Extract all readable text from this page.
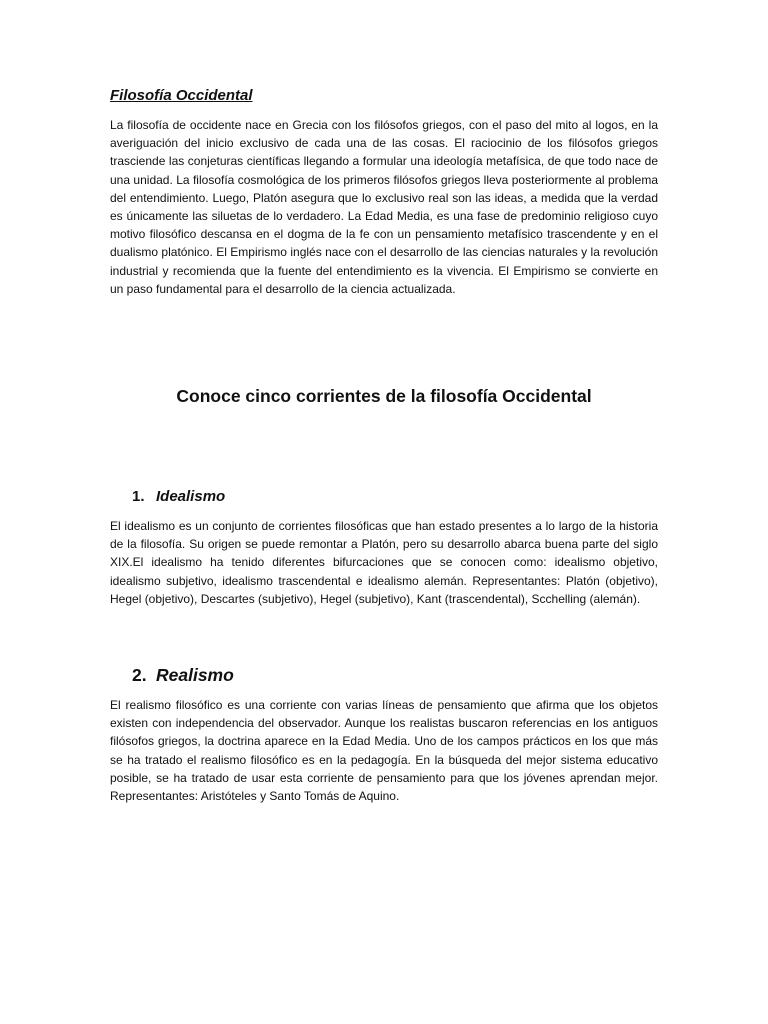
Filosofía Occidental

La filosofía de occidente nace en Grecia con los filósofos griegos, con el paso del mito al logos, en la averiguación del inicio exclusivo de cada una de las cosas. El raciocinio de los filósofos griegos trasciende las conjeturas científicas llegando a formular una ideología metafísica, de que todo nace de una unidad. La filosofía cosmológica de los primeros filósofos griegos lleva posteriormente al problema del entendimiento. Luego, Platón asegura que lo exclusivo real son las ideas, a medida que la verdad es únicamente las siluetas de lo verdadero. La Edad Media, es una fase de predominio religioso cuyo motivo filosófico descansa en el dogma de la fe con un pensamiento metafísico trascendente y en el dualismo platónico. El Empirismo inglés nace con el desarrollo de las ciencias naturales y la revolución industrial y recomienda que la fuente del entendimiento es la vivencia. El Empirismo se convierte en un paso fundamental para el desarrollo de la ciencia actualizada.

Conoce cinco corrientes de la filosofía Occidental
1. Idealismo

El idealismo es un conjunto de corrientes filosóficas que han estado presentes a lo largo de la historia de la filosofía. Su origen se puede remontar a Platón, pero su desarrollo abarca buena parte del siglo XIX.El idealismo ha tenido diferentes bifurcaciones que se conocen como: idealismo objetivo, idealismo subjetivo, idealismo trascendental e idealismo alemán. Representantes: Platón (objetivo), Hegel (objetivo), Descartes (subjetivo), Hegel (subjetivo), Kant (trascendental), Scchelling (alemán).

2. Realismo

El realismo filosófico es una corriente con varias líneas de pensamiento que afirma que los objetos existen con independencia del observador. Aunque los realistas buscaron referencias en los antiguos filósofos griegos, la doctrina aparece en la Edad Media. Uno de los campos prácticos en los que más se ha tratado el realismo filosófico es en la pedagogía. En la búsqueda del mejor sistema educativo posible, se ha tratado de usar esta corriente de pensamiento para que los jóvenes aprendan mejor. Representantes: Aristóteles y Santo Tomás de Aquino.
